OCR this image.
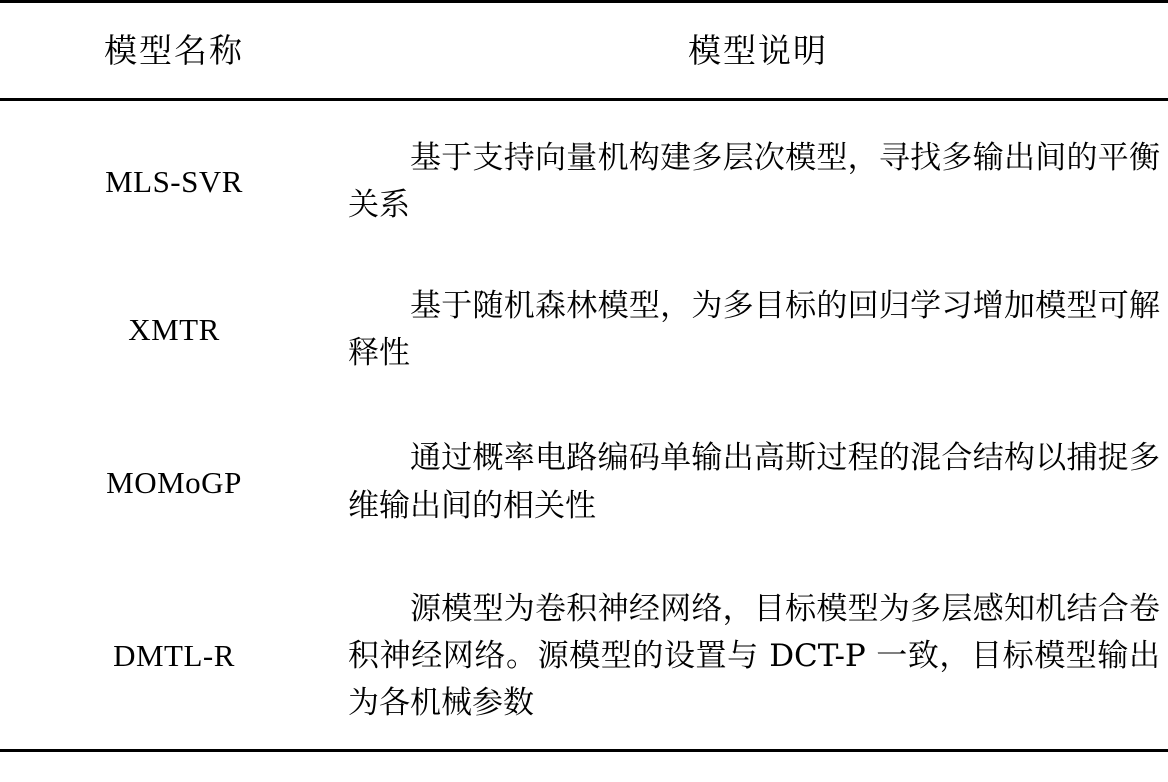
模型名称	模型说明
MLS-SVR	基于支持向量机构建多层次模型，寻找多输出间的平衡关系

XMTR	基于随机森林模型，为多目标的回归学习增加模型可解释性

MOMoGP	通过概率电路编码单输出高斯过程的混合结构以捕捉多维输出间的相关性

DMTL-R	源模型为卷积神经网络，目标模型为多层感知机结合卷积神经网络。源模型的设置与 DCT-P 一致，目标模型输出为各机械参数
